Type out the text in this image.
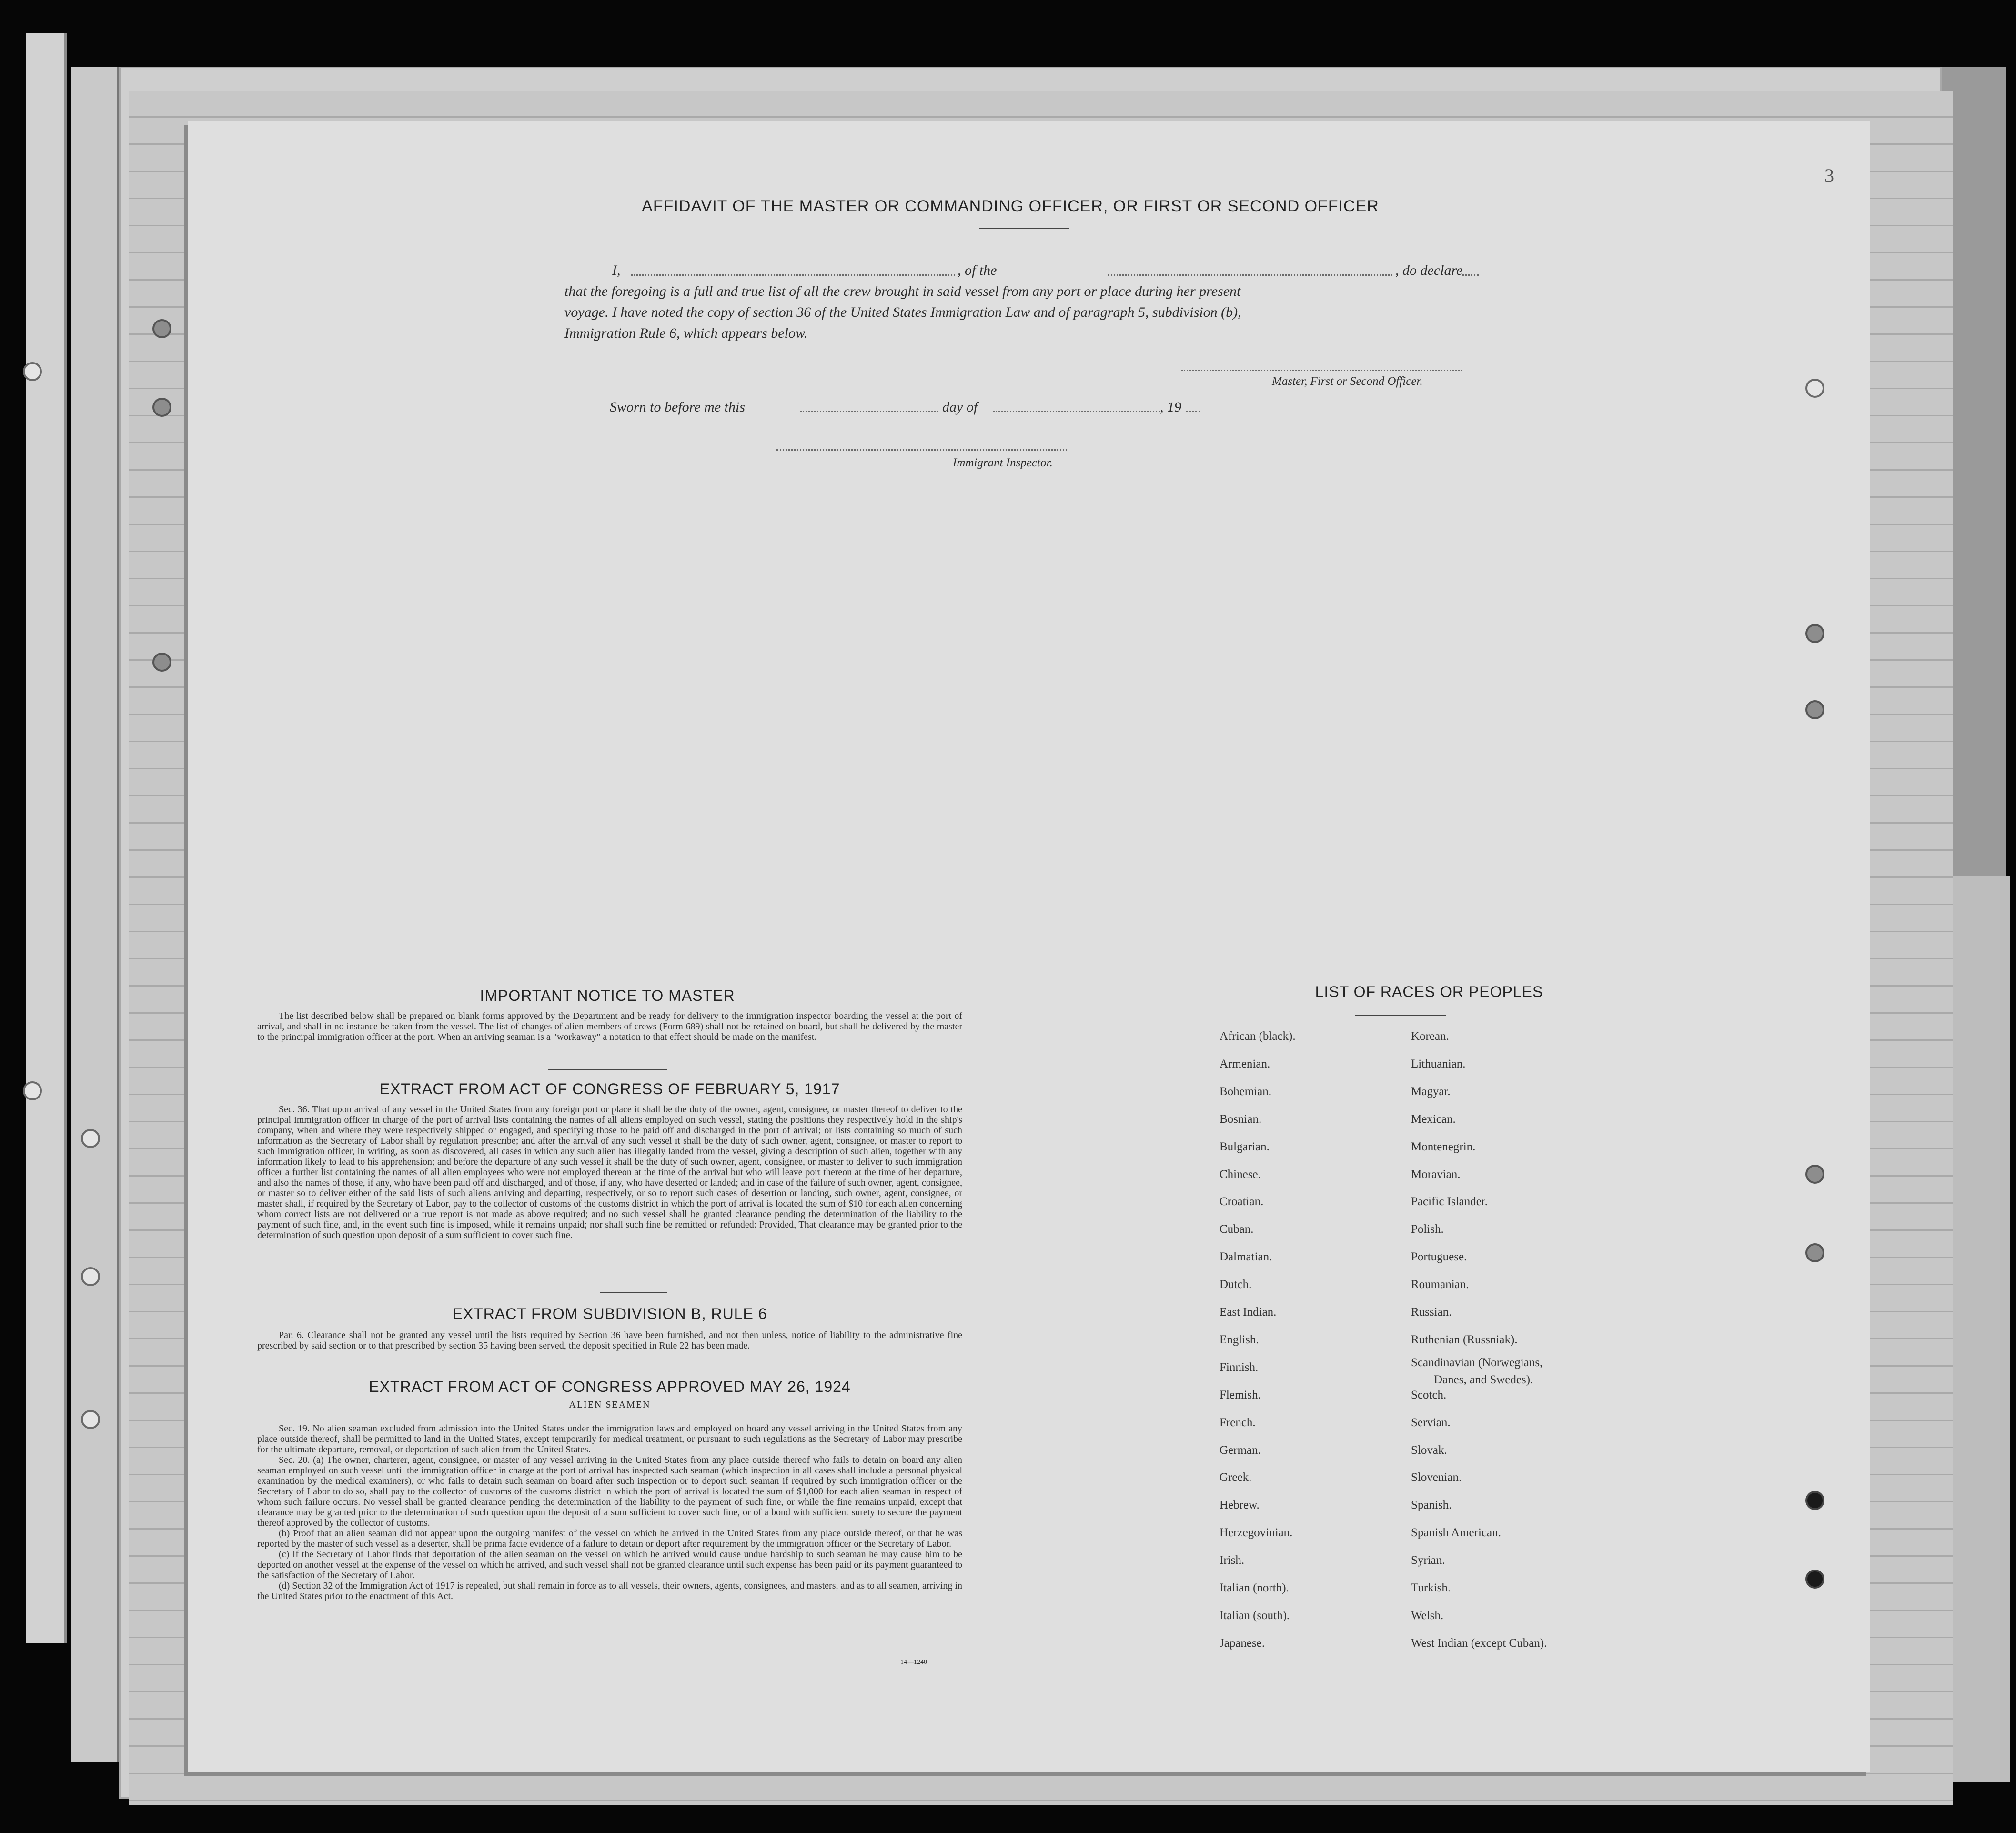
3
AFFIDAVIT OF THE MASTER OR COMMANDING OFFICER, OR FIRST OR SECOND OFFICER
I,	, of the	, do declare
that the foregoing is a full and true list of all the crew brought in said vessel from any port or place during her present
voyage. I have noted the copy of section 36 of the United States Immigration Law and of paragraph 5, subdivision (b),
Immigration Rule 6, which appears below.
Master, First or Second Officer.
Sworn to before me this	day of	, 19
Immigrant Inspector.
IMPORTANT NOTICE TO MASTER
The list described below shall be prepared on blank forms approved by the Department and be ready for delivery to the immigration inspector boarding the vessel at the port of arrival, and shall in no instance be taken from the vessel. The list of changes of alien members of crews (Form 689) shall not be retained on board, but shall be delivered by the master to the principal immigration officer at the port. When an arriving seaman is a "workaway" a notation to that effect should be made on the manifest.
EXTRACT FROM ACT OF CONGRESS OF FEBRUARY 5, 1917
Sec. 36. That upon arrival of any vessel in the United States from any foreign port or place it shall be the duty of the owner, agent, consignee, or master thereof to deliver to the principal immigration officer in charge of the port of arrival lists containing the names of all aliens employed on such vessel, stating the positions they respectively hold in the ship's company, when and where they were respectively shipped or engaged, and specifying those to be paid off and discharged in the port of arrival; or lists containing so much of such information as the Secretary of Labor shall by regulation prescribe; and after the arrival of any such vessel it shall be the duty of such owner, agent, consignee, or master to report to such immigration officer, in writing, as soon as discovered, all cases in which any such alien has illegally landed from the vessel, giving a description of such alien, together with any information likely to lead to his apprehension; and before the departure of any such vessel it shall be the duty of such owner, agent, consignee, or master to deliver to such immigration officer a further list containing the names of all alien employees who were not employed thereon at the time of the arrival but who will leave port thereon at the time of her departure, and also the names of those, if any, who have been paid off and discharged, and of those, if any, who have deserted or landed; and in case of the failure of such owner, agent, consignee, or master so to deliver either of the said lists of such aliens arriving and departing, respectively, or so to report such cases of desertion or landing, such owner, agent, consignee, or master shall, if required by the Secretary of Labor, pay to the collector of customs of the customs district in which the port of arrival is located the sum of $10 for each alien concerning whom correct lists are not delivered or a true report is not made as above required; and no such vessel shall be granted clearance pending the determination of the liability to the payment of such fine, and, in the event such fine is imposed, while it remains unpaid; nor shall such fine be remitted or refunded: Provided, That clearance may be granted prior to the determination of such question upon deposit of a sum sufficient to cover such fine.
EXTRACT FROM SUBDIVISION B, RULE 6
Par. 6. Clearance shall not be granted any vessel until the lists required by Section 36 have been furnished, and not then unless, notice of liability to the administrative fine prescribed by said section or to that prescribed by section 35 having been served, the deposit specified in Rule 22 has been made.
EXTRACT FROM ACT OF CONGRESS APPROVED MAY 26, 1924
ALIEN SEAMEN
Sec. 19. No alien seaman excluded from admission into the United States under the immigration laws and employed on board any vessel arriving in the United States from any place outside thereof, shall be permitted to land in the United States, except temporarily for medical treatment, or pursuant to such regulations as the Secretary of Labor may prescribe for the ultimate departure, removal, or deportation of such alien from the United States.
Sec. 20. (a) The owner, charterer, agent, consignee, or master of any vessel arriving in the United States from any place outside thereof who fails to detain on board any alien seaman employed on such vessel until the immigration officer in charge at the port of arrival has inspected such seaman (which inspection in all cases shall include a personal physical examination by the medical examiners), or who fails to detain such seaman on board after such inspection or to deport such seaman if required by such immigration officer or the Secretary of Labor to do so, shall pay to the collector of customs of the customs district in which the port of arrival is located the sum of $1,000 for each alien seaman in respect of whom such failure occurs. No vessel shall be granted clearance pending the determination of the liability to the payment of such fine, or while the fine remains unpaid, except that clearance may be granted prior to the determination of such question upon the deposit of a sum sufficient to cover such fine, or of a bond with sufficient surety to secure the payment thereof approved by the collector of customs.
(b) Proof that an alien seaman did not appear upon the outgoing manifest of the vessel on which he arrived in the United States from any place outside thereof, or that he was reported by the master of such vessel as a deserter, shall be prima facie evidence of a failure to detain or deport after requirement by the immigration officer or the Secretary of Labor.
(c) If the Secretary of Labor finds that deportation of the alien seaman on the vessel on which he arrived would cause undue hardship to such seaman he may cause him to be deported on another vessel at the expense of the vessel on which he arrived, and such vessel shall not be granted clearance until such expense has been paid or its payment guaranteed to the satisfaction of the Secretary of Labor.
(d) Section 32 of the Immigration Act of 1917 is repealed, but shall remain in force as to all vessels, their owners, agents, consignees, and masters, and as to all seamen, arriving in the United States prior to the enactment of this Act.
14—1240
LIST OF RACES OR PEOPLES
African (black).
Armenian.
Bohemian.
Bosnian.
Bulgarian.
Chinese.
Croatian.
Cuban.
Dalmatian.
Dutch.
East Indian.
English.
Finnish.
Flemish.
French.
German.
Greek.
Hebrew.
Herzegovinian.
Irish.
Italian (north).
Italian (south).
Japanese.
Korean.
Lithuanian.
Magyar.
Mexican.
Montenegrin.
Moravian.
Pacific Islander.
Polish.
Portuguese.
Roumanian.
Russian.
Ruthenian (Russniak).
Scandinavian (Norwegians,
Scotch.
Servian.
Slovak.
Slovenian.
Spanish.
Spanish American.
Syrian.
Turkish.
Welsh.
West Indian (except Cuban).
Danes, and Swedes).
